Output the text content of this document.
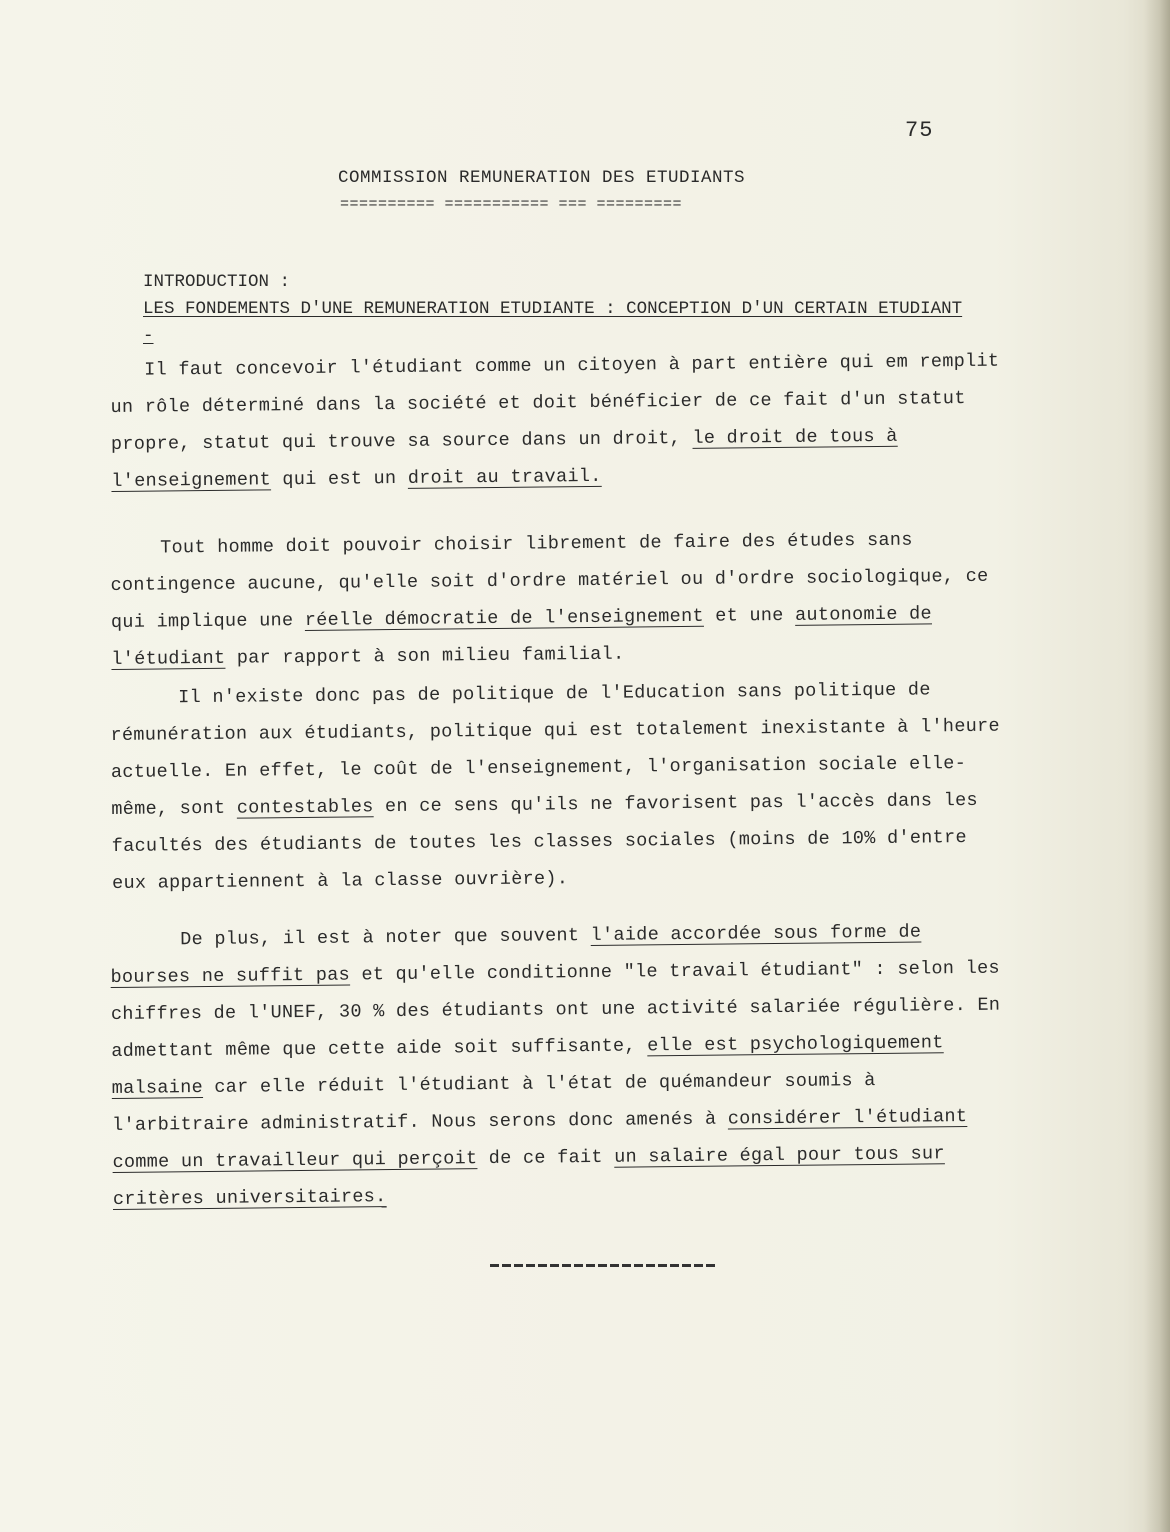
75
COMMISSION REMUNERATION DES ETUDIANTS
========== =========== === =========
INTRODUCTION :
LES FONDEMENTS D'UNE REMUNERATION ETUDIANTE : CONCEPTION D'UN CERTAIN ETUDIANT -

Il faut concevoir l'étudiant comme un citoyen à part entière qui em remplit un rôle déterminé dans la société et doit bénéficier de ce fait d'un statut propre, statut qui trouve sa source dans un droit, le droit de tous à l'enseignement qui est un droit au travail.

Tout homme doit pouvoir choisir librement de faire des études sans contingence aucune, qu'elle soit d'ordre matériel ou d'ordre sociologique, ce qui implique une réelle démocratie de l'enseignement et une autonomie de l'étudiant par rapport à son milieu familial.

Il n'existe donc pas de politique de l'Education sans politique de rémunération aux étudiants, politique qui est totalement inexistante à l'heure actuelle. En effet, le coût de l'enseignement, l'organisation sociale elle-même, sont contestables en ce sens qu'ils ne favorisent pas l'accès dans les facultés des étudiants de toutes les classes sociales (moins de 10% d'entre eux appartiennent à la classe ouvrière).

De plus, il est à noter que souvent l'aide accordée sous forme de bourses ne suffit pas et qu'elle conditionne "le travail étudiant" : selon les chiffres de l'UNEF, 30 % des étudiants ont une activité salariée régulière. En admettant même que cette aide soit suffisante, elle est psychologiquement malsaine car elle réduit l'étudiant à l'état de quémandeur soumis à l'arbitraire administratif. Nous serons donc amenés à considérer l'étudiant comme un travailleur qui perçoit de ce fait un salaire égal pour tous sur critères universitaires.
